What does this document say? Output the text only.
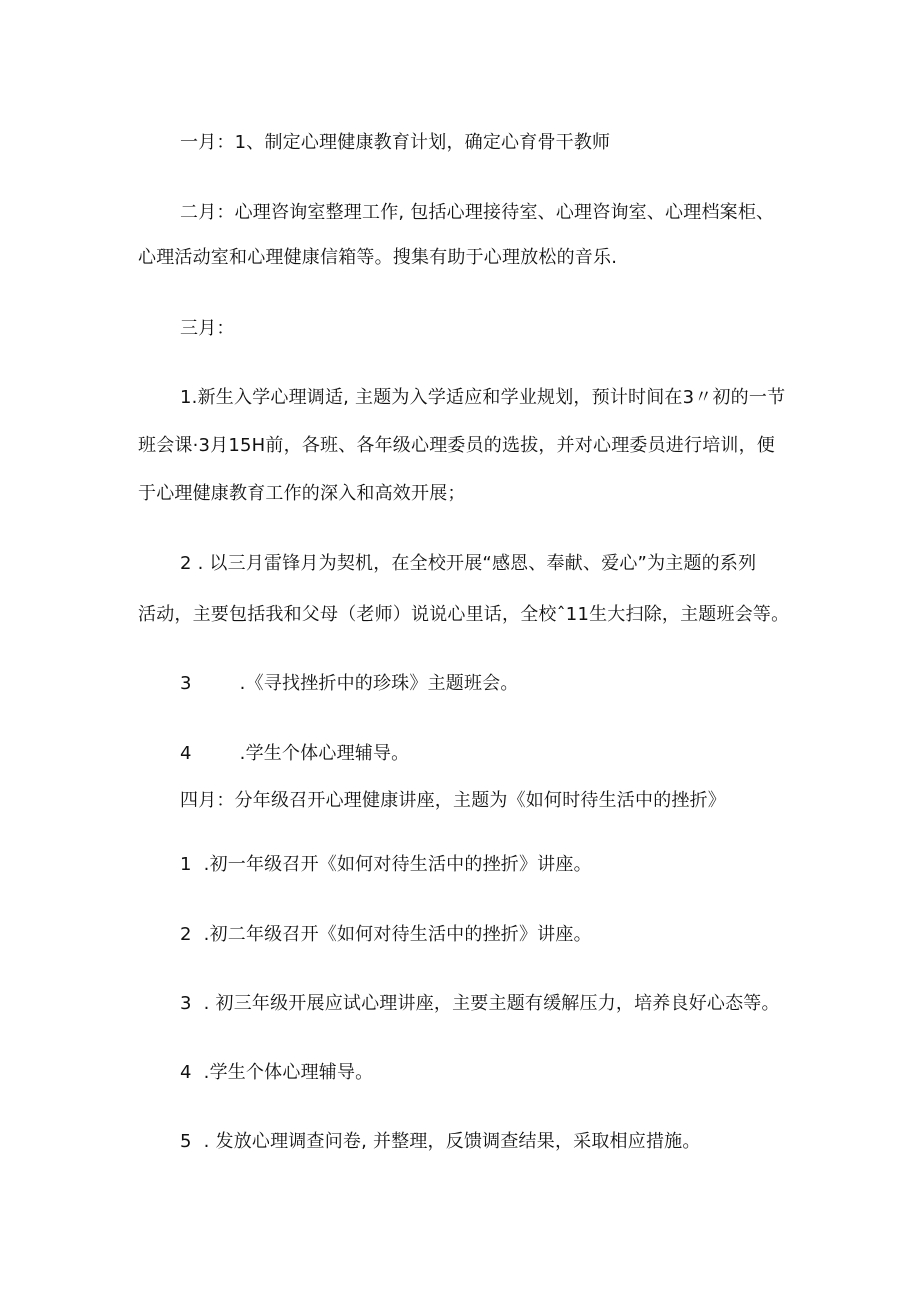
一月：1、制定心理健康教育计划，确定心育骨干教师
二月：心理咨询室整理工作, 包括心理接待室、心理咨询室、心理档案柜、
心理活动室和心理健康信箱等。搜集有助于心理放松的音乐.
三月：
1.新生入学心理调适, 主题为入学适应和学业规划，预计时间在3〃初的一节
班会课·3月15H前，各班、各年级心理委员的选拔，并对心理委员进行培训，便
于心理健康教育工作的深入和高效开展；
2 . 以三月雷锋月为契机，在全校开展“感恩、奉献、爱心”为主题的系列
活动，主要包括我和父母（老师）说说心里话，全校ˆ11生大扫除，主题班会等。
3	.《寻找挫折中的珍珠》主题班会。
4	.学生个体心理辅导。
四月：分年级召开心理健康讲座，主题为《如何时待生活中的挫折》
1 .初一年级召开《如何对待生活中的挫折》讲座。
2 .初二年级召开《如何对待生活中的挫折》讲座。
3 . 初三年级开展应试心理讲座，主要主题有缓解压力，培养良好心态等。
4 .学生个体心理辅导。
5 . 发放心理调查问卷, 并整理，反馈调查结果，采取相应措施。
